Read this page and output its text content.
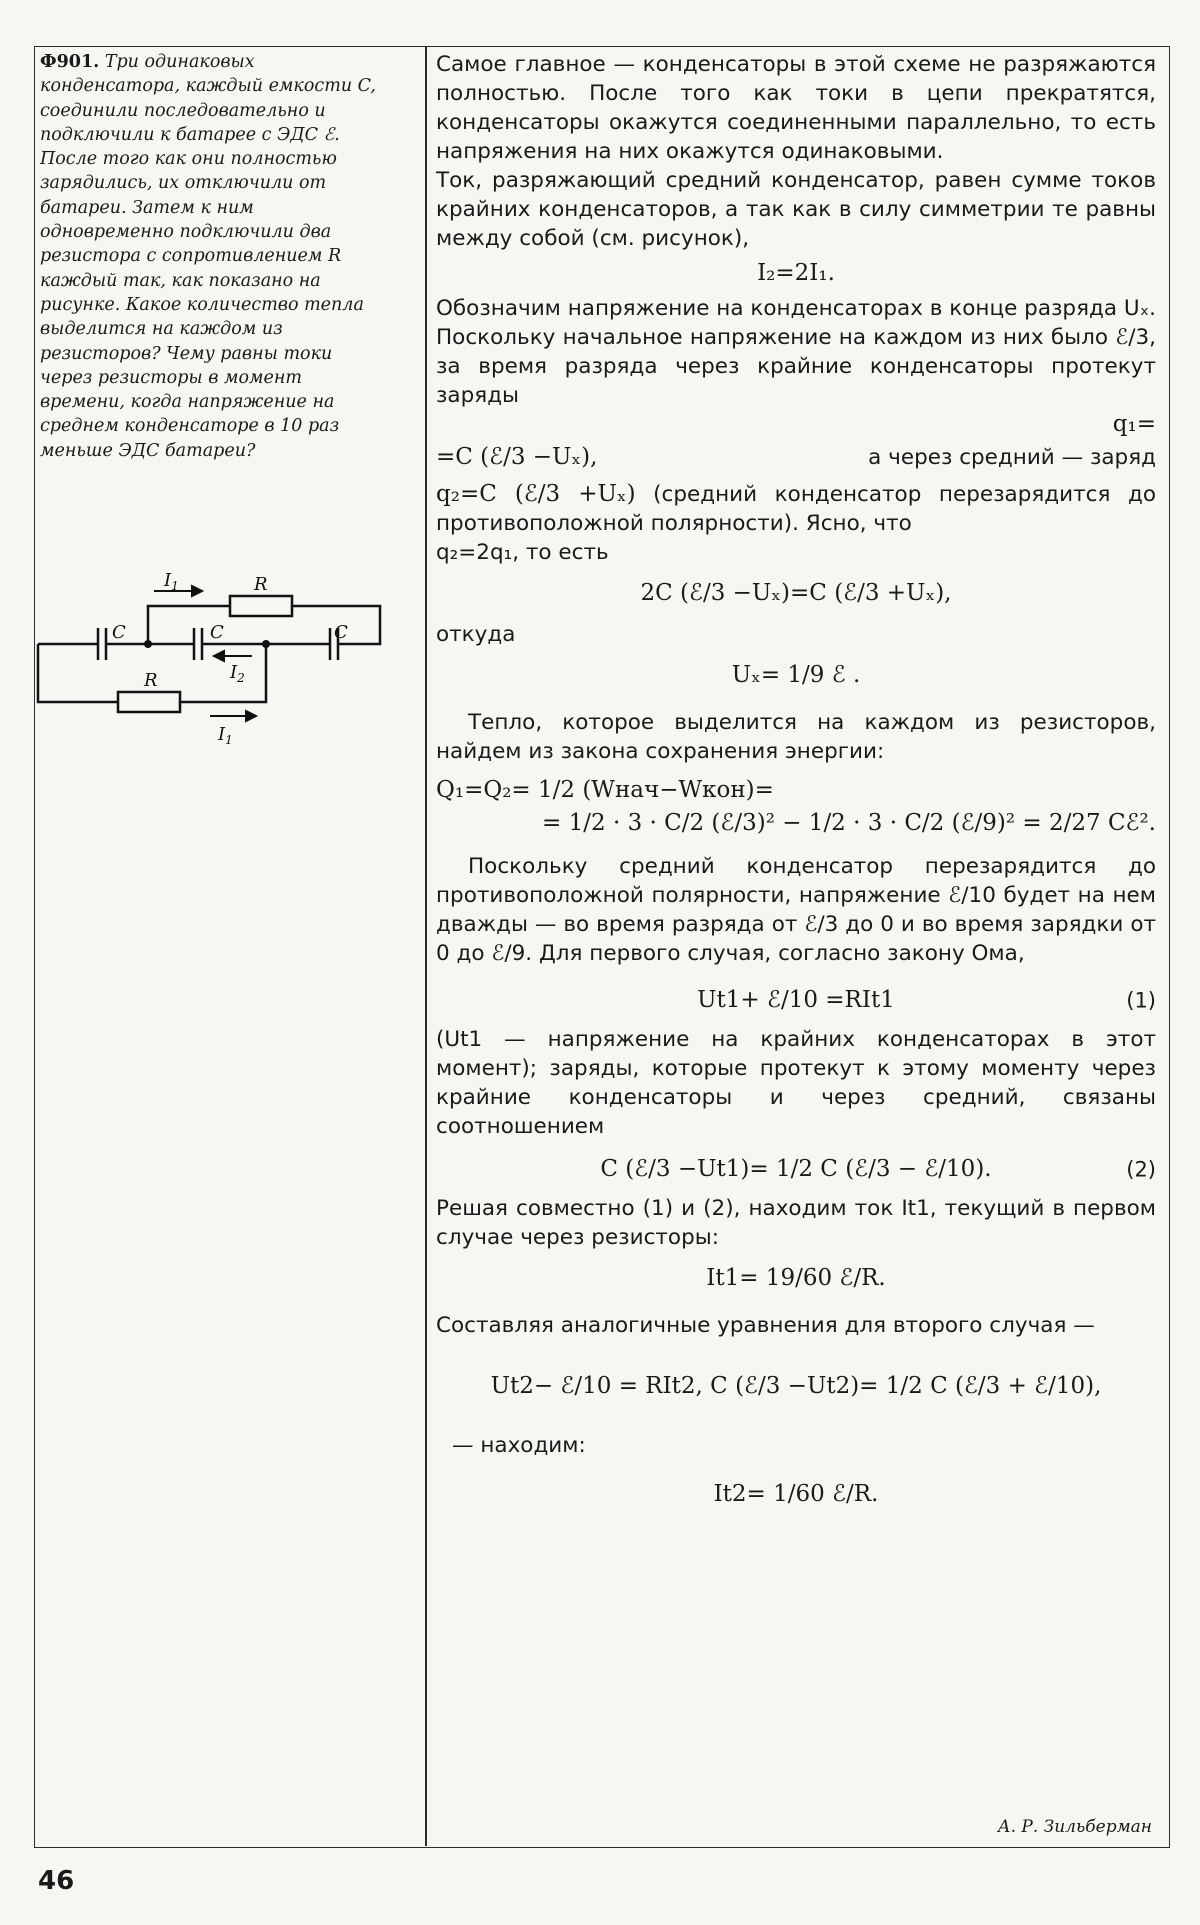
Ф901. Три одинаковых конденсатора, каждый емкости C, соединили последовательно и подключили к батарее с ЭДС ℰ. После того как они полностью зарядились, их отключили от батареи. Затем к ним одновременно подключили два резистора с сопротивлением R каждый так, как показано на рисунке. Какое количество тепла выделится на каждом из резисторов? Чему равны токи через резисторы в момент времени, когда напряжение на среднем конденсаторе в 10 раз меньше ЭДС батареи?
$I_1$	R
C	C	C
R	$I_2$
$I_1$

Самое главное — конденсаторы в этой схеме не разряжаются полностью. После того как токи в цепи прекратятся, конденсаторы окажутся соединенными параллельно, то есть напряжения на них окажутся одинаковыми.

Ток, разряжающий средний конденсатор, равен сумме токов крайних конденсаторов, а так как в силу симметрии те равны между собой (см. рисунок),

I₂=2I₁.

Обозначим напряжение на конденсаторах в конце разряда Uₓ. Поскольку начальное напряжение на каждом из них было ℰ/3, за время разряда через крайние конденсаторы протекут заряды

q₁=

=C (ℰ/3 −Uₓ),	а через средний — заряд

q₂=C (ℰ/3 +Uₓ) (средний конденсатор перезарядится до противоположной полярности). Ясно, что

q₂=2q₁, то есть

2C (ℰ/3 −Uₓ)=C (ℰ/3 +Uₓ),

откуда

Uₓ= 1/9 ℰ .

Тепло, которое выделится на каждом из резисторов, найдем из закона сохранения энергии:

Q₁=Q₂= 1/2 (Wнач−Wкон)=
= 1/2 · 3 · C/2 (ℰ/3)² − 1/2 · 3 · C/2 (ℰ/9)² = 2/27 Cℰ².

Поскольку средний конденсатор перезарядится до противоположной полярности, напряжение ℰ/10 будет на нем дважды — во время разряда от ℰ/3 до 0 и во время зарядки от 0 до ℰ/9. Для первого случая, согласно закону Ома,

Ut1+ ℰ/10 =RIt1	(1)

(Ut1 — напряжение на крайних конденсаторах в этот момент); заряды, которые протекут к этому моменту через крайние конденсаторы и через средний, связаны соотношением

C (ℰ/3 −Ut1)= 1/2 C (ℰ/3 − ℰ/10).	(2)

Решая совместно (1) и (2), находим ток It1, текущий в первом случае через резисторы:

It1= 19/60 ℰ/R.

Составляя аналогичные уравнения для второго случая —

Ut2− ℰ/10 = RIt2, C (ℰ/3 −Ut2)= 1/2 C (ℰ/3 + ℰ/10),

— находим:

It2= 1/60 ℰ/R.
А. Р. Зильберман
46
